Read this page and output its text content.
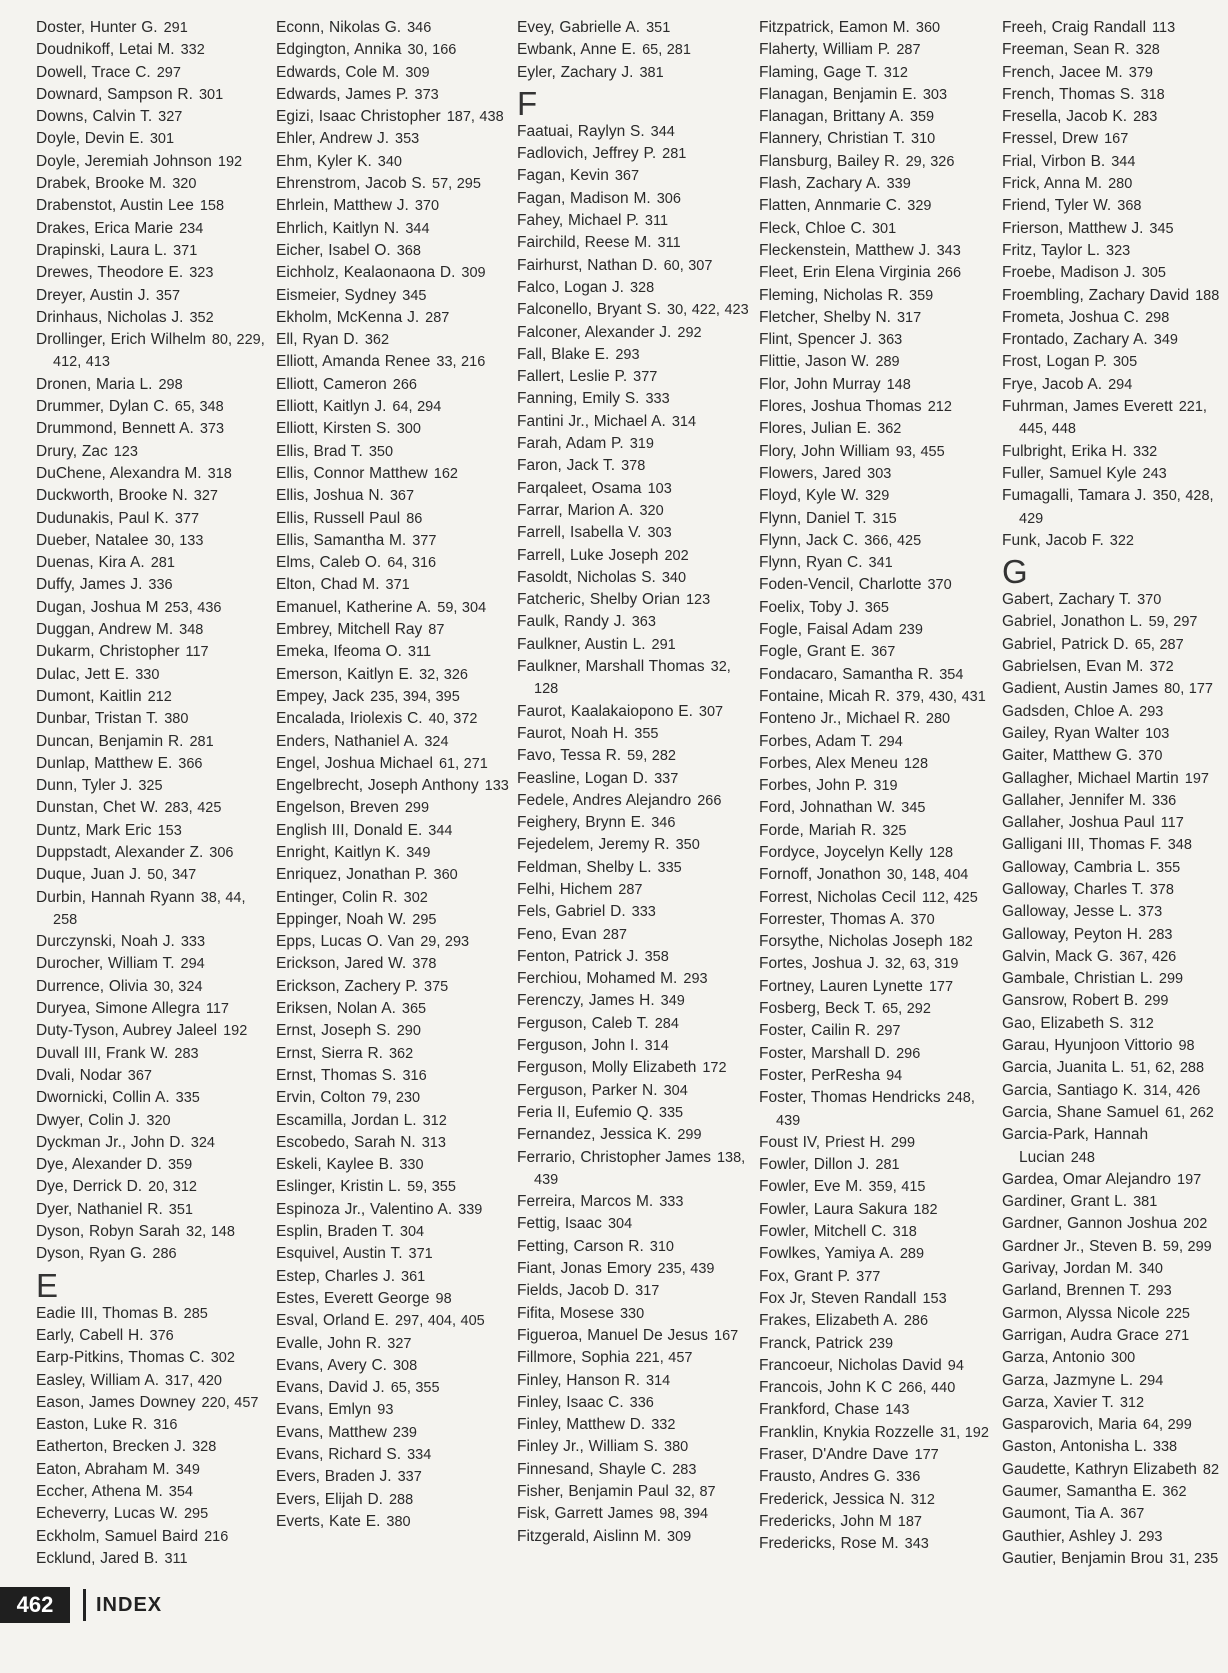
Doster, Hunter G. 291
Doudnikoff, Letai M. 332
Dowell, Trace C. 297
Downard, Sampson R. 301
Downs, Calvin T. 327
Doyle, Devin E. 301
Doyle, Jeremiah Johnson 192
Drabek, Brooke M. 320
Drabenstot, Austin Lee 158
Drakes, Erica Marie 234
Drapinski, Laura L. 371
Drewes, Theodore E. 323
Dreyer, Austin J. 357
Drinhaus, Nicholas J. 352
Drollinger, Erich Wilhelm 80, 229, 412, 413
Dronen, Maria L. 298
Drummer, Dylan C. 65, 348
Drummond, Bennett A. 373
Drury, Zac 123
DuChene, Alexandra M. 318
Duckworth, Brooke N. 327
Dudunakis, Paul K. 377
Dueber, Natalee 30, 133
Duenas, Kira A. 281
Duffy, James J. 336
Dugan, Joshua M 253, 436
Duggan, Andrew M. 348
Dukarm, Christopher 117
Dulac, Jett E. 330
Dumont, Kaitlin 212
Dunbar, Tristan T. 380
Duncan, Benjamin R. 281
Dunlap, Matthew E. 366
Dunn, Tyler J. 325
Dunstan, Chet W. 283, 425
Duntz, Mark Eric 153
Duppstadt, Alexander Z. 306
Duque, Juan J. 50, 347
Durbin, Hannah Ryann 38, 44, 258
Durczynski, Noah J. 333
Durocher, William T. 294
Durrence, Olivia 30, 324
Duryea, Simone Allegra 117
Duty-Tyson, Aubrey Jaleel 192
Duvall III, Frank W. 283
Dvali, Nodar 367
Dwornicki, Collin A. 335
Dwyer, Colin J. 320
Dyckman Jr., John D. 324
Dye, Alexander D. 359
Dye, Derrick D. 20, 312
Dyer, Nathaniel R. 351
Dyson, Robyn Sarah 32, 148
Dyson, Ryan G. 286
E
Eadie III, Thomas B. 285
Early, Cabell H. 376
Earp-Pitkins, Thomas C. 302
Easley, William A. 317, 420
Eason, James Downey 220, 457
Easton, Luke R. 316
Eatherton, Brecken J. 328
Eaton, Abraham M. 349
Eccher, Athena M. 354
Echeverry, Lucas W. 295
Eckholm, Samuel Baird 216
Ecklund, Jared B. 311
Econn, Nikolas G. 346
Edgington, Annika 30, 166
Edwards, Cole M. 309
Edwards, James P. 373
Egizi, Isaac Christopher 187, 438
Ehler, Andrew J. 353
Ehm, Kyler K. 340
Ehrenstrom, Jacob S. 57, 295
Ehrlein, Matthew J. 370
Ehrlich, Kaitlyn N. 344
Eicher, Isabel O. 368
Eichholz, Kealaonaona D. 309
Eismeier, Sydney 345
Ekholm, McKenna J. 287
Ell, Ryan D. 362
Elliott, Amanda Renee 33, 216
Elliott, Cameron 266
Elliott, Kaitlyn J. 64, 294
Elliott, Kirsten S. 300
Ellis, Brad T. 350
Ellis, Connor Matthew 162
Ellis, Joshua N. 367
Ellis, Russell Paul 86
Ellis, Samantha M. 377
Elms, Caleb O. 64, 316
Elton, Chad M. 371
Emanuel, Katherine A. 59, 304
Embrey, Mitchell Ray 87
Emeka, Ifeoma O. 311
Emerson, Kaitlyn E. 32, 326
Empey, Jack 235, 394, 395
Encalada, Iriolexis C. 40, 372
Enders, Nathaniel A. 324
Engel, Joshua Michael 61, 271
Engelbrecht, Joseph Anthony 133
Engelson, Breven 299
English III, Donald E. 344
Enright, Kaitlyn K. 349
Enriquez, Jonathan P. 360
Entinger, Colin R. 302
Eppinger, Noah W. 295
Epps, Lucas O. Van 29, 293
Erickson, Jared W. 378
Erickson, Zachery P. 375
Eriksen, Nolan A. 365
Ernst, Joseph S. 290
Ernst, Sierra R. 362
Ernst, Thomas S. 316
Ervin, Colton 79, 230
Escamilla, Jordan L. 312
Escobedo, Sarah N. 313
Eskeli, Kaylee B. 330
Eslinger, Kristin L. 59, 355
Espinoza Jr., Valentino A. 339
Esplin, Braden T. 304
Esquivel, Austin T. 371
Estep, Charles J. 361
Estes, Everett George 98
Esval, Orland E. 297, 404, 405
Evalle, John R. 327
Evans, Avery C. 308
Evans, David J. 65, 355
Evans, Emlyn 93
Evans, Matthew 239
Evans, Richard S. 334
Evers, Braden J. 337
Evers, Elijah D. 288
Everts, Kate E. 380
Evey, Gabrielle A. 351
Ewbank, Anne E. 65, 281
Eyler, Zachary J. 381
F
Faatuai, Raylyn S. 344
Fadlovich, Jeffrey P. 281
Fagan, Kevin 367
Fagan, Madison M. 306
Fahey, Michael P. 311
Fairchild, Reese M. 311
Fairhurst, Nathan D. 60, 307
Falco, Logan J. 328
Falconello, Bryant S. 30, 422, 423
Falconer, Alexander J. 292
Fall, Blake E. 293
Fallert, Leslie P. 377
Fanning, Emily S. 333
Fantini Jr., Michael A. 314
Farah, Adam P. 319
Faron, Jack T. 378
Farqaleet, Osama 103
Farrar, Marion A. 320
Farrell, Isabella V. 303
Farrell, Luke Joseph 202
Fasoldt, Nicholas S. 340
Fatcheric, Shelby Orian 123
Faulk, Randy J. 363
Faulkner, Austin L. 291
Faulkner, Marshall Thomas 32, 128
Faurot, Kaalakaiopono E. 307
Faurot, Noah H. 355
Favo, Tessa R. 59, 282
Feasline, Logan D. 337
Fedele, Andres Alejandro 266
Feighery, Brynn E. 346
Fejedelem, Jeremy R. 350
Feldman, Shelby L. 335
Felhi, Hichem 287
Fels, Gabriel D. 333
Feno, Evan 287
Fenton, Patrick J. 358
Ferchiou, Mohamed M. 293
Ferenczy, James H. 349
Ferguson, Caleb T. 284
Ferguson, John I. 314
Ferguson, Molly Elizabeth 172
Ferguson, Parker N. 304
Feria II, Eufemio Q. 335
Fernandez, Jessica K. 299
Ferrario, Christopher James 138, 439
Ferreira, Marcos M. 333
Fettig, Isaac 304
Fetting, Carson R. 310
Fiant, Jonas Emory 235, 439
Fields, Jacob D. 317
Fifita, Mosese 330
Figueroa, Manuel De Jesus 167
Fillmore, Sophia 221, 457
Finley, Hanson R. 314
Finley, Isaac C. 336
Finley, Matthew D. 332
Finley Jr., William S. 380
Finnesand, Shayle C. 283
Fisher, Benjamin Paul 32, 87
Fisk, Garrett James 98, 394
Fitzgerald, Aislinn M. 309
Fitzpatrick, Eamon M. 360
Flaherty, William P. 287
Flaming, Gage T. 312
Flanagan, Benjamin E. 303
Flanagan, Brittany A. 359
Flannery, Christian T. 310
Flansburg, Bailey R. 29, 326
Flash, Zachary A. 339
Flatten, Annmarie C. 329
Fleck, Chloe C. 301
Fleckenstein, Matthew J. 343
Fleet, Erin Elena Virginia 266
Fleming, Nicholas R. 359
Fletcher, Shelby N. 317
Flint, Spencer J. 363
Flittie, Jason W. 289
Flor, John Murray 148
Flores, Joshua Thomas 212
Flores, Julian E. 362
Flory, John William 93, 455
Flowers, Jared 303
Floyd, Kyle W. 329
Flynn, Daniel T. 315
Flynn, Jack C. 366, 425
Flynn, Ryan C. 341
Foden-Vencil, Charlotte 370
Foelix, Toby J. 365
Fogle, Faisal Adam 239
Fogle, Grant E. 367
Fondacaro, Samantha R. 354
Fontaine, Micah R. 379, 430, 431
Fonteno Jr., Michael R. 280
Forbes, Adam T. 294
Forbes, Alex Meneu 128
Forbes, John P. 319
Ford, Johnathan W. 345
Forde, Mariah R. 325
Fordyce, Joycelyn Kelly 128
Fornoff, Jonathon 30, 148, 404
Forrest, Nicholas Cecil 112, 425
Forrester, Thomas A. 370
Forsythe, Nicholas Joseph 182
Fortes, Joshua J. 32, 63, 319
Fortney, Lauren Lynette 177
Fosberg, Beck T. 65, 292
Foster, Cailin R. 297
Foster, Marshall D. 296
Foster, PerResha 94
Foster, Thomas Hendricks 248, 439
Foust IV, Priest H. 299
Fowler, Dillon J. 281
Fowler, Eve M. 359, 415
Fowler, Laura Sakura 182
Fowler, Mitchell C. 318
Fowlkes, Yamiya A. 289
Fox, Grant P. 377
Fox Jr, Steven Randall 153
Frakes, Elizabeth A. 286
Franck, Patrick 239
Francoeur, Nicholas David 94
Francois, John K C 266, 440
Frankford, Chase 143
Franklin, Knykia Rozzelle 31, 192
Fraser, D'Andre Dave 177
Frausto, Andres G. 336
Frederick, Jessica N. 312
Fredericks, John M 187
Fredericks, Rose M. 343
Freeh, Craig Randall 113
Freeman, Sean R. 328
French, Jacee M. 379
French, Thomas S. 318
Fresella, Jacob K. 283
Fressel, Drew 167
Frial, Virbon B. 344
Frick, Anna M. 280
Friend, Tyler W. 368
Frierson, Matthew J. 345
Fritz, Taylor L. 323
Froebe, Madison J. 305
Froembling, Zachary David 188
Frometa, Joshua C. 298
Frontado, Zachary A. 349
Frost, Logan P. 305
Frye, Jacob A. 294
Fuhrman, James Everett 221, 445, 448
Fulbright, Erika H. 332
Fuller, Samuel Kyle 243
Fumagalli, Tamara J. 350, 428, 429
Funk, Jacob F. 322
G
Gabert, Zachary T. 370
Gabriel, Jonathon L. 59, 297
Gabriel, Patrick D. 65, 287
Gabrielsen, Evan M. 372
Gadient, Austin James 80, 177
Gadsden, Chloe A. 293
Gailey, Ryan Walter 103
Gaiter, Matthew G. 370
Gallagher, Michael Martin 197
Gallaher, Jennifer M. 336
Gallaher, Joshua Paul 117
Galligani III, Thomas F. 348
Galloway, Cambria L. 355
Galloway, Charles T. 378
Galloway, Jesse L. 373
Galloway, Peyton H. 283
Galvin, Mack G. 367, 426
Gambale, Christian L. 299
Gansrow, Robert B. 299
Gao, Elizabeth S. 312
Garau, Hyunjoon Vittorio 98
Garcia, Juanita L. 51, 62, 288
Garcia, Santiago K. 314, 426
Garcia, Shane Samuel 61, 262
Garcia-Park, Hannah Lucian 248
Gardea, Omar Alejandro 197
Gardiner, Grant L. 381
Gardner, Gannon Joshua 202
Gardner Jr., Steven B. 59, 299
Garivay, Jordan M. 340
Garland, Brennen T. 293
Garmon, Alyssa Nicole 225
Garrigan, Audra Grace 271
Garza, Antonio 300
Garza, Jazmyne L. 294
Garza, Xavier T. 312
Gasparovich, Maria 64, 299
Gaston, Antonisha L. 338
Gaudette, Kathryn Elizabeth 82
Gaumer, Samantha E. 362
Gaumont, Tia A. 367
Gauthier, Ashley J. 293
Gautier, Benjamin Brou 31, 235
462	INDEX
